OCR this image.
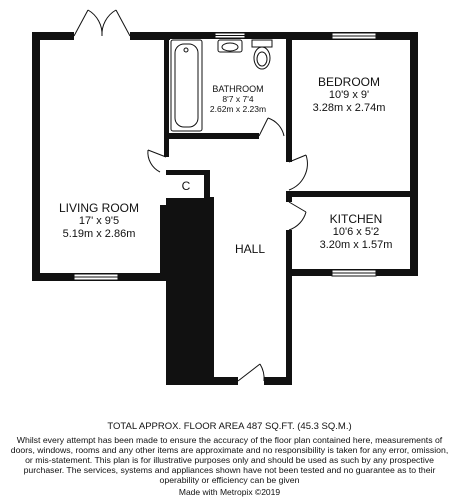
BATHROOM
8'7 x 7'4
2.62m x 2.23m
BEDROOM
10'9 x 9'
3.28m x 2.74m
LIVING ROOM
17' x 9'5
5.19m x 2.86m
KITCHEN
10'6 x 5'2
3.20m x 1.57m
HALL
C
TOTAL APPROX. FLOOR AREA 487 SQ.FT. (45.3 SQ.M.)
Whilst every attempt has been made to ensure the accuracy of the floor plan contained here, measurements of doors, windows, rooms and any other items are approximate and no responsibility is taken for any error, omission, or mis-statement. This plan is for illustrative purposes only and should be used as such by any prospective purchaser. The services, systems and appliances shown have not been tested and no guarantee as to their operability or efficiency can be given
Made with Metropix ©2019
